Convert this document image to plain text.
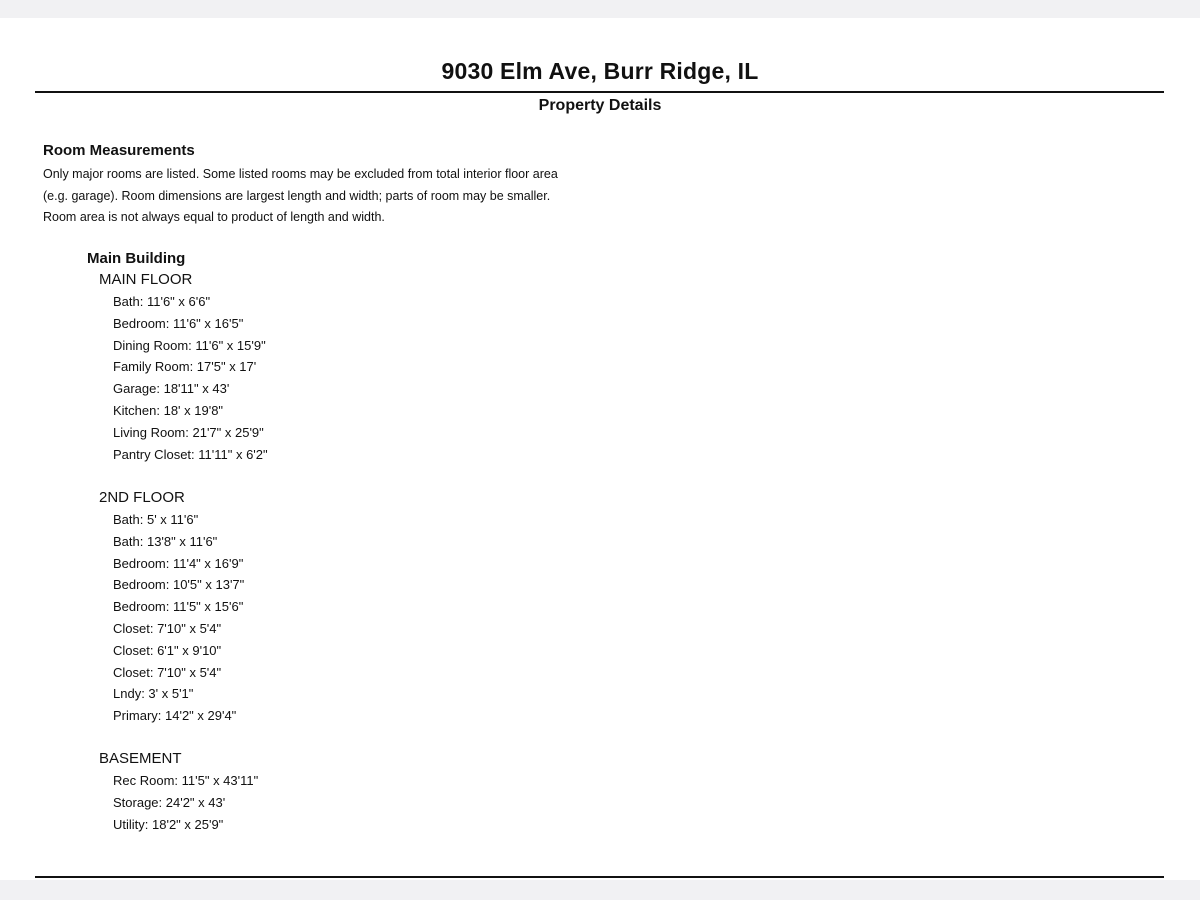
9030 Elm Ave, Burr Ridge, IL
Property Details
Room Measurements
Only major rooms are listed. Some listed rooms may be excluded from total interior floor area
(e.g. garage). Room dimensions are largest length and width; parts of room may be smaller.
Room area is not always equal to product of length and width.
Main Building
MAIN FLOOR
Bath: 11'6" x 6'6"
Bedroom: 11'6" x 16'5"
Dining Room: 11'6" x 15'9"
Family Room: 17'5" x 17'
Garage: 18'11" x 43'
Kitchen: 18' x 19'8"
Living Room: 21'7" x 25'9"
Pantry Closet: 11'11" x 6'2"
2ND FLOOR
Bath: 5' x 11'6"
Bath: 13'8" x 11'6"
Bedroom: 11'4" x 16'9"
Bedroom: 10'5" x 13'7"
Bedroom: 11'5" x 15'6"
Closet: 7'10" x 5'4"
Closet: 6'1" x 9'10"
Closet: 7'10" x 5'4"
Lndy: 3' x 5'1"
Primary: 14'2" x 29'4"
BASEMENT
Rec Room: 11'5" x 43'11"
Storage: 24'2" x 43'
Utility: 18'2" x 25'9"
